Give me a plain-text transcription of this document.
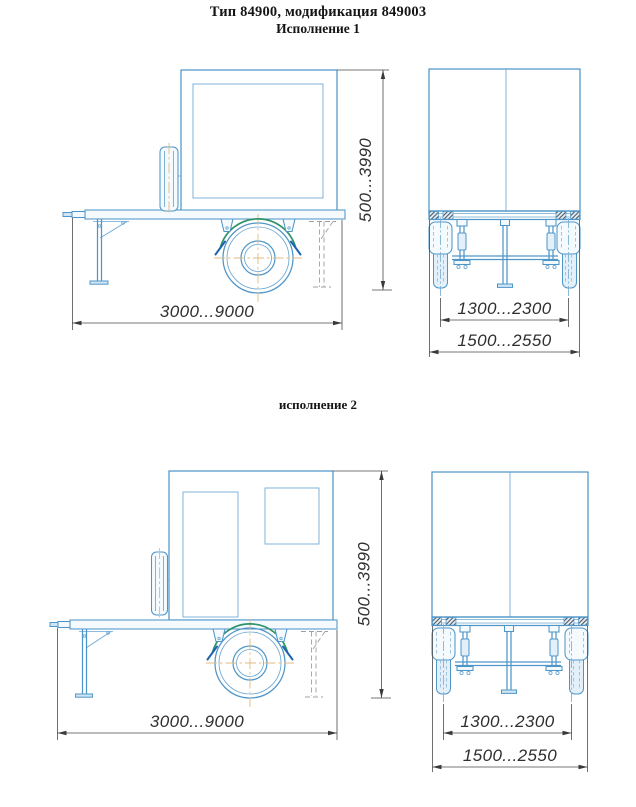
Тип 84900, модификация 849003
Исполнение 1
3000...9000
500...3990
1300...2300
1500...2550
исполнение 2
3000...9000
500...3990
1300...2300
1500...2550
